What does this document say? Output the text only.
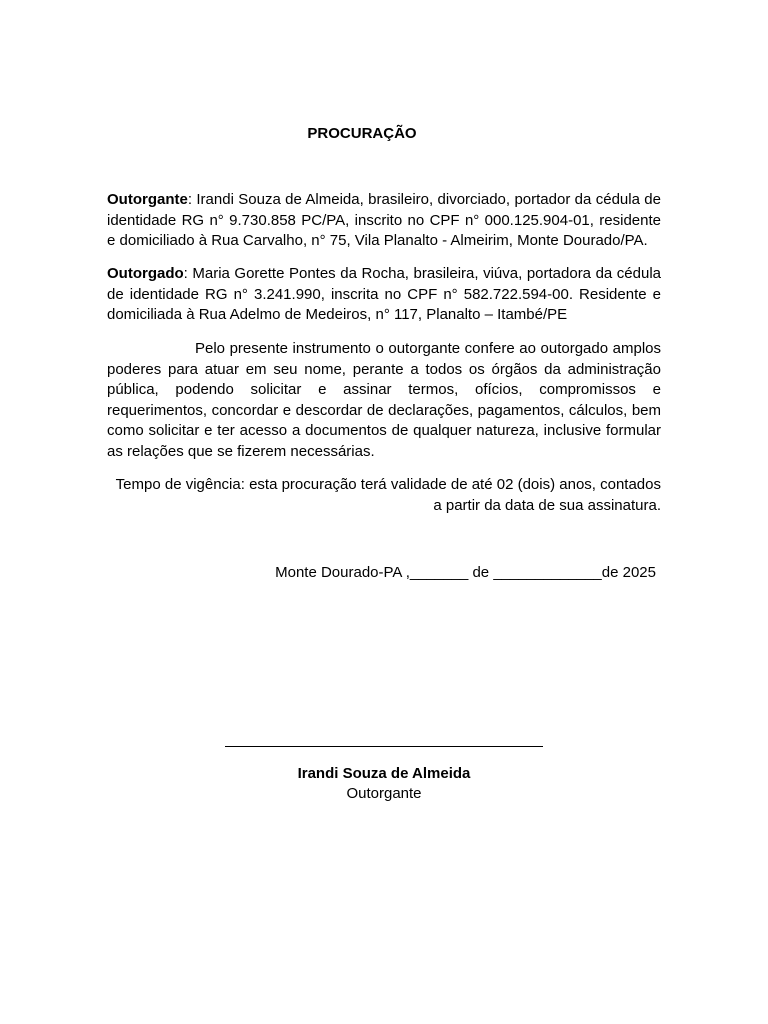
PROCURAÇÃO

Outorgante: Irandi Souza de Almeida, brasileiro, divorciado, portador da cédula de identidade RG n° 9.730.858 PC/PA, inscrito no CPF n° 000.125.904-01, residente e domiciliado à Rua Carvalho, n° 75, Vila Planalto - Almeirim, Monte Dourado/PA.

Outorgado: Maria Gorette Pontes da Rocha, brasileira, viúva, portadora da cédula de identidade RG n° 3.241.990, inscrita no CPF n° 582.722.594-00. Residente e domiciliada à Rua Adelmo de Medeiros, n° 117, Planalto – Itambé/PE

Pelo presente instrumento o outorgante confere ao outorgado amplos poderes para atuar em seu nome, perante a todos os órgãos da administração pública, podendo solicitar e assinar termos, ofícios, compromissos e requerimentos, concordar e descordar de declarações, pagamentos, cálculos, bem como solicitar e ter acesso a documentos de qualquer natureza, inclusive formular as relações que se fizerem necessárias.

Tempo de vigência: esta procuração terá validade de até 02 (dois) anos, contados a partir da data de sua assinatura.

Monte Dourado-PA ,_______ de _____________de 2025
Irandi Souza de Almeida
Outorgante
